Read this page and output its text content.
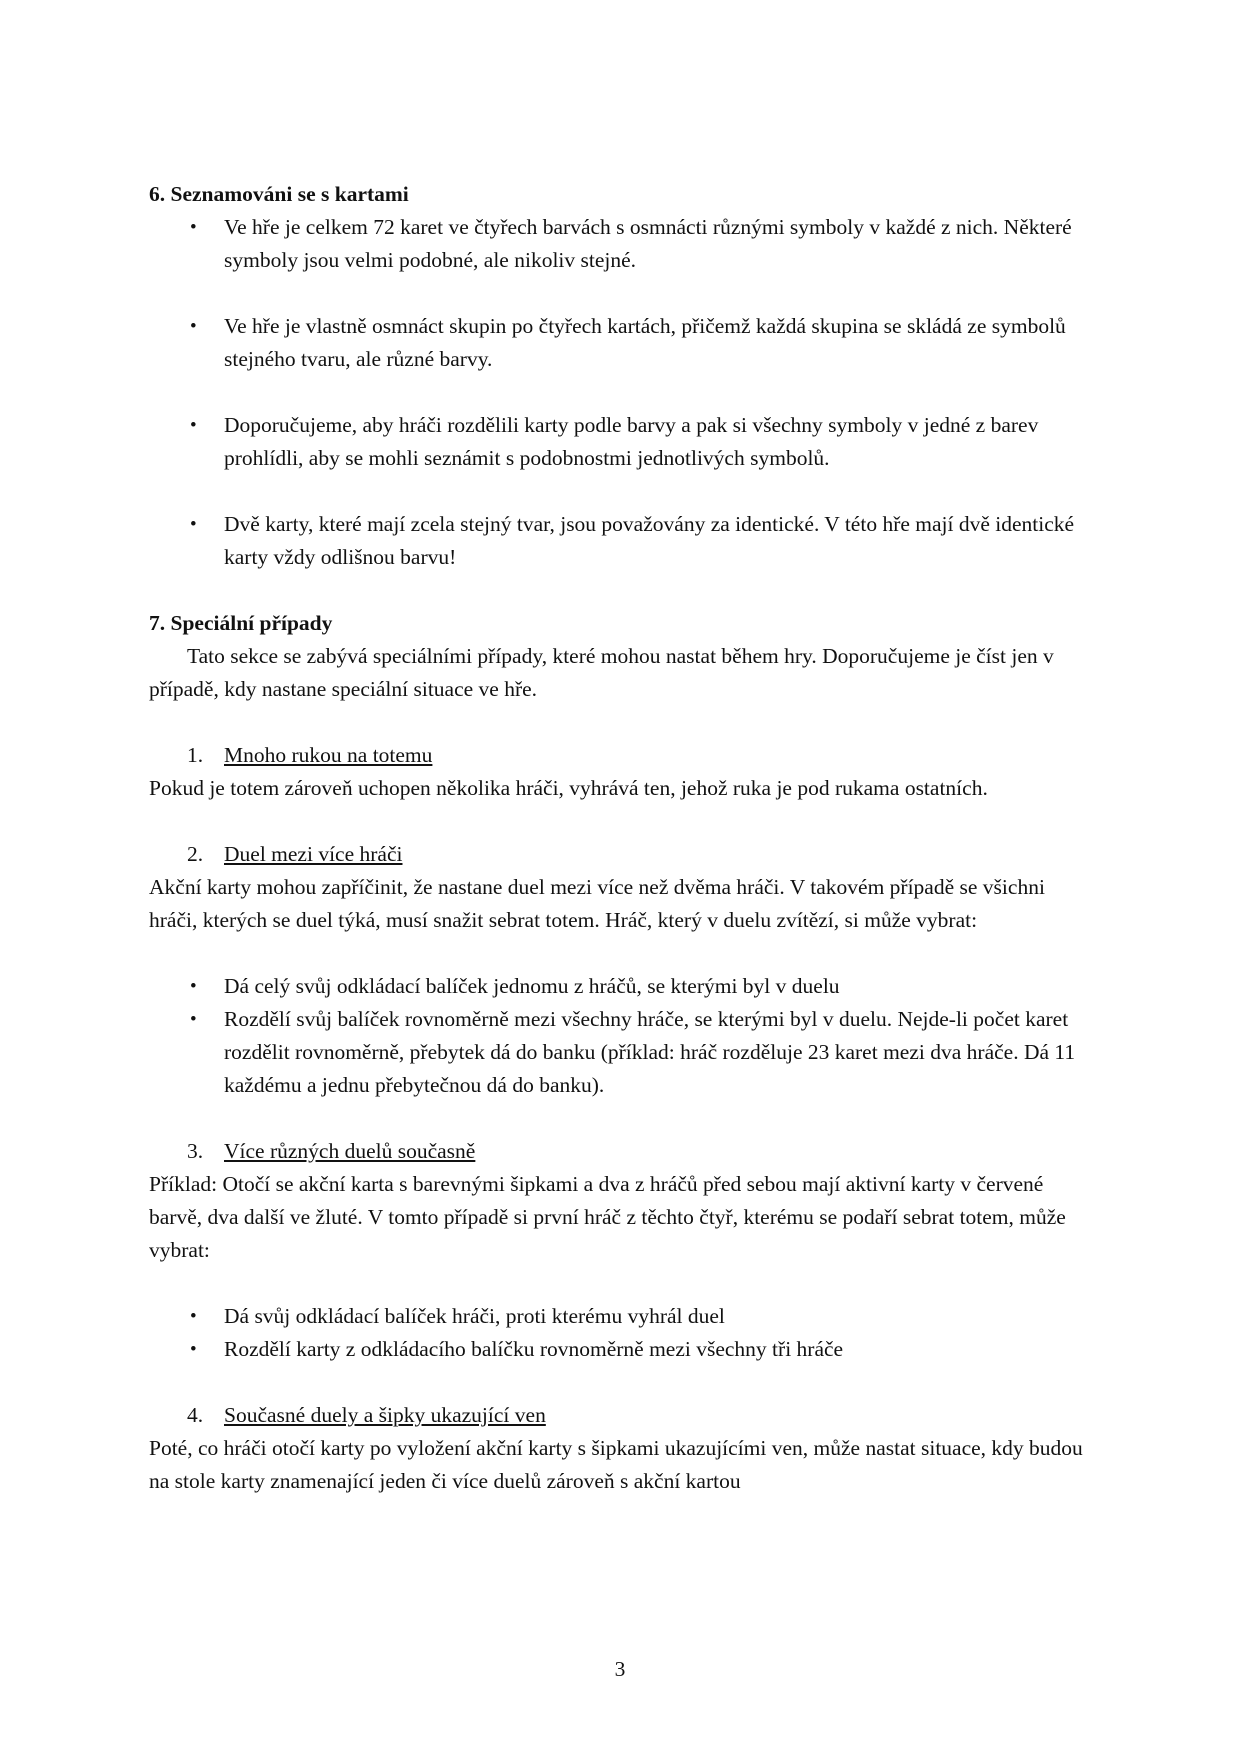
6. Seznamováni se s kartami
• Ve hře je celkem 72 karet ve čtyřech barvách s osmnácti různými symboly v každé z nich. Některé symboly jsou velmi podobné, ale nikoliv stejné.
• Ve hře je vlastně osmnáct skupin po čtyřech kartách, přičemž každá skupina se skládá ze symbolů stejného tvaru, ale různé barvy.
• Doporučujeme, aby hráči rozdělili karty podle barvy a pak si všechny symboly v jedné z barev prohlídli, aby se mohli seznámit s podobnostmi jednotlivých symbolů.
• Dvě karty, které mají zcela stejný tvar, jsou považovány za identické. V této hře mají dvě identické karty vždy odlišnou barvu!
7. Speciální případy

Tato sekce se zabývá speciálními případy, které mohou nastat během hry. Doporučujeme je číst jen v případě, kdy nastane speciální situace ve hře.

1. Mnoho rukou na totemu

Pokud je totem zároveň uchopen několika hráči, vyhrává ten, jehož ruka je pod rukama ostatních.

2. Duel mezi více hráči

Akční karty mohou zapříčinit, že nastane duel mezi více než dvěma hráči. V takovém případě se všichni hráči, kterých se duel týká, musí snažit sebrat totem. Hráč, který v duelu zvítězí, si může vybrat:

• Dá celý svůj odkládací balíček jednomu z hráčů, se kterými byl v duelu
• Rozdělí svůj balíček rovnoměrně mezi všechny hráče, se kterými byl v duelu. Nejde-li počet karet rozdělit rovnoměrně, přebytek dá do banku (příklad: hráč rozděluje 23 karet mezi dva hráče. Dá 11 každému a jednu přebytečnou dá do banku).
3. Více různých duelů současně

Příklad: Otočí se akční karta s barevnými šipkami a dva z hráčů před sebou mají aktivní karty v červené barvě, dva další ve žluté. V tomto případě si první hráč z těchto čtyř, kterému se podaří sebrat totem, může vybrat:

• Dá svůj odkládací balíček hráči, proti kterému vyhrál duel
• Rozdělí karty z odkládacího balíčku rovnoměrně mezi všechny tři hráče
4. Současné duely a šipky ukazující ven

Poté, co hráči otočí karty po vyložení akční karty s šipkami ukazujícími ven, může nastat situace, kdy budou na stole karty znamenající jeden či více duelů zároveň s akční kartou

3
